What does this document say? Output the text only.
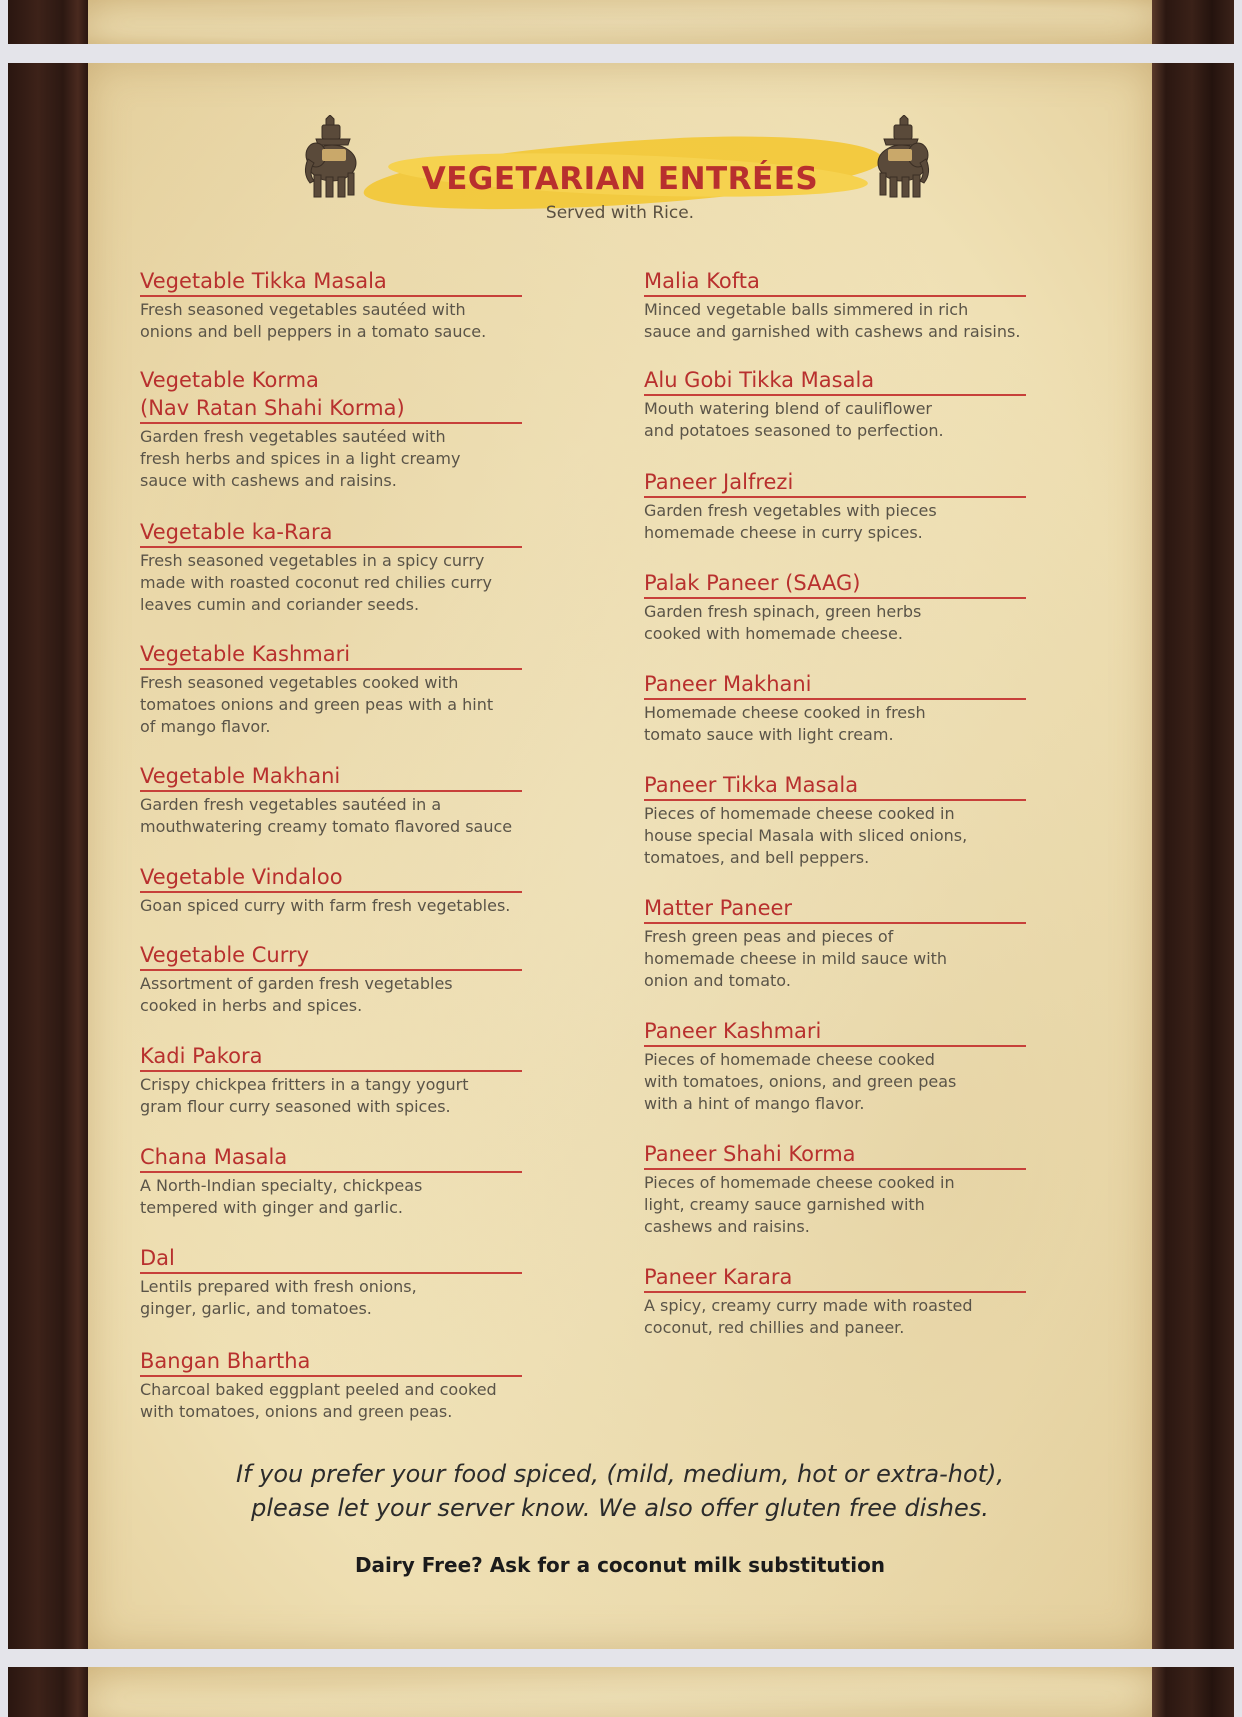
VEGETARIAN ENTRÉES
Served with Rice.
Vegetable Tikka Masala
Fresh seasoned vegetables sautéed with
onions and bell peppers in a tomato sauce.
Vegetable Korma
(Nav Ratan Shahi Korma)
Garden fresh vegetables sautéed with
fresh herbs and spices in a light creamy
sauce with cashews and raisins.
Vegetable ka-Rara
Fresh seasoned vegetables in a spicy curry
made with roasted coconut red chilies curry
leaves cumin and coriander seeds.
Vegetable Kashmari
Fresh seasoned vegetables cooked with
tomatoes onions and green peas with a hint
of mango flavor.
Vegetable Makhani
Garden fresh vegetables sautéed in a
mouthwatering creamy tomato flavored sauce
Vegetable Vindaloo
Goan spiced curry with farm fresh vegetables.
Vegetable Curry
Assortment of garden fresh vegetables
cooked in herbs and spices.
Kadi Pakora
Crispy chickpea fritters in a tangy yogurt
gram flour curry seasoned with spices.
Chana Masala
A North-Indian specialty, chickpeas
tempered with ginger and garlic.
Dal
Lentils prepared with fresh onions,
ginger, garlic, and tomatoes.
Bangan Bhartha
Charcoal baked eggplant peeled and cooked
with tomatoes, onions and green peas.
Malia Kofta
Minced vegetable balls simmered in rich
sauce and garnished with cashews and raisins.
Alu Gobi Tikka Masala
Mouth watering blend of cauliflower
and potatoes seasoned to perfection.
Paneer Jalfrezi
Garden fresh vegetables with pieces
homemade cheese in curry spices.
Palak Paneer (SAAG)
Garden fresh spinach, green herbs
cooked with homemade cheese.
Paneer Makhani
Homemade cheese cooked in fresh
tomato sauce with light cream.
Paneer Tikka Masala
Pieces of homemade cheese cooked in
house special Masala with sliced onions,
tomatoes, and bell peppers.
Matter Paneer
Fresh green peas and pieces of
homemade cheese in mild sauce with
onion and tomato.
Paneer Kashmari
Pieces of homemade cheese cooked
with tomatoes, onions, and green peas
with a hint of mango flavor.
Paneer Shahi Korma
Pieces of homemade cheese cooked in
light, creamy sauce garnished with
cashews and raisins.
Paneer Karara
A spicy, creamy curry made with roasted
coconut, red chillies and paneer.
If you prefer your food spiced, (mild, medium, hot or extra-hot),
please let your server know. We also offer gluten free dishes.
Dairy Free? Ask for a coconut milk substitution
